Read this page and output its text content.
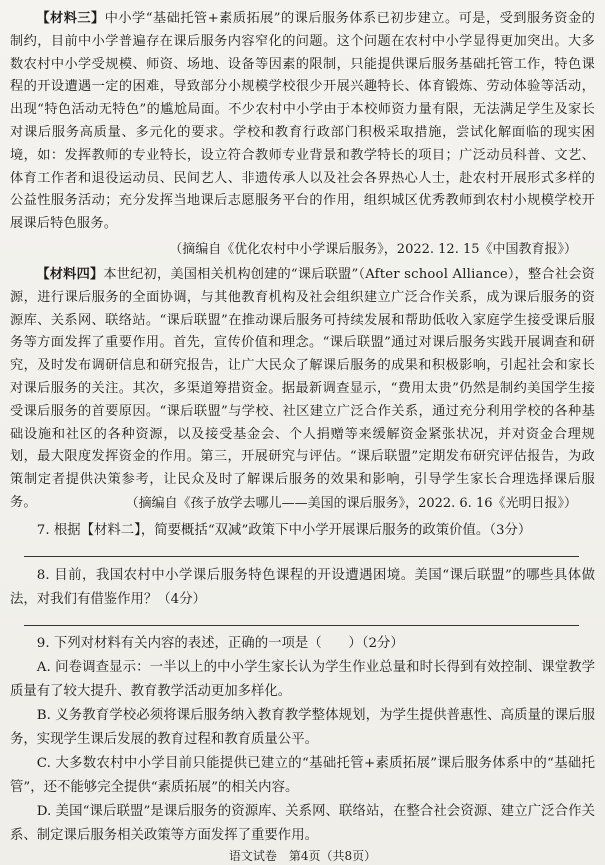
【材料三】中小学“基础托管+素质拓展”的课后服务体系已初步建立。可是，受到服务资金的制约，目前中小学普遍存在课后服务内容窄化的问题。这个问题在农村中小学显得更加突出。大多数农村中小学受规模、师资、场地、设备等因素的限制，只能提供课后服务基础托管工作，特色课程的开设遭遇一定的困难，导致部分小规模学校很少开展兴趣特长、体育锻炼、劳动体验等活动，出现“特色活动无特色”的尴尬局面。不少农村中小学由于本校师资力量有限，无法满足学生及家长对课后服务高质量、多元化的要求。学校和教育行政部门积极采取措施，尝试化解面临的现实困境，如：发挥教师的专业特长，设立符合教师专业背景和教学特长的项目；广泛动员科普、文艺、体育工作者和退役运动员、民间艺人、非遗传承人以及社会各界热心人士，赴农村开展形式多样的公益性服务活动；充分发挥当地课后志愿服务平台的作用，组织城区优秀教师到农村小规模学校开展课后特色服务。

（摘编自《优化农村中小学课后服务》，2022. 12. 15《中国教育报》）

【材料四】本世纪初，美国相关机构创建的“课后联盟”（After school Alliance），整合社会资源，进行课后服务的全面协调，与其他教育机构及社会组织建立广泛合作关系，成为课后服务的资源库、关系网、联络站。“课后联盟”在推动课后服务可持续发展和帮助低收入家庭学生接受课后服务等方面发挥了重要作用。首先，宣传价值和理念。“课后联盟”通过对课后服务实践开展调查和研究，及时发布调研信息和研究报告，让广大民众了解课后服务的成果和积极影响，引起社会和家长对课后服务的关注。其次，多渠道筹措资金。据最新调查显示，“费用太贵”仍然是制约美国学生接受课后服务的首要原因。“课后联盟”与学校、社区建立广泛合作关系，通过充分利用学校的各种基础设施和社区的各种资源，以及接受基金会、个人捐赠等来缓解资金紧张状况，并对资金合理规划，最大限度发挥资金的作用。第三，开展研究与评估。“课后联盟”定期发布研究评估报告，为政策制定者提供决策参考，让民众及时了解课后服务的效果和影响，引导学生家长合理选择课后服务。	（摘编自《孩子放学去哪儿——美国的课后服务》，2022. 6. 16《光明日报》）

7. 根据【材料二】，简要概括“双减”政策下中小学开展课后服务的政策价值。（3分）

8. 目前，我国农村中小学课后服务特色课程的开设遭遇困境。美国“课后联盟”的哪些具体做法，对我们有借鉴作用？（4分）

9. 下列对材料有关内容的表述，正确的一项是（　　）（2分）

A. 问卷调查显示：一半以上的中小学生家长认为学生作业总量和时长得到有效控制、课堂教学质量有了较大提升、教育教学活动更加多样化。

B. 义务教育学校必须将课后服务纳入教育教学整体规划，为学生提供普惠性、高质量的课后服务，实现学生课后发展的教育过程和教育质量公平。

C. 大多数农村中小学目前只能提供已建立的“基础托管+素质拓展”课后服务体系中的“基础托管”，还不能够完全提供“素质拓展”的相关内容。

D. 美国“课后联盟”是课后服务的资源库、关系网、联络站，在整合社会资源、建立广泛合作关系、制定课后服务相关政策等方面发挥了重要作用。

语文试卷　第4页（共8页）
